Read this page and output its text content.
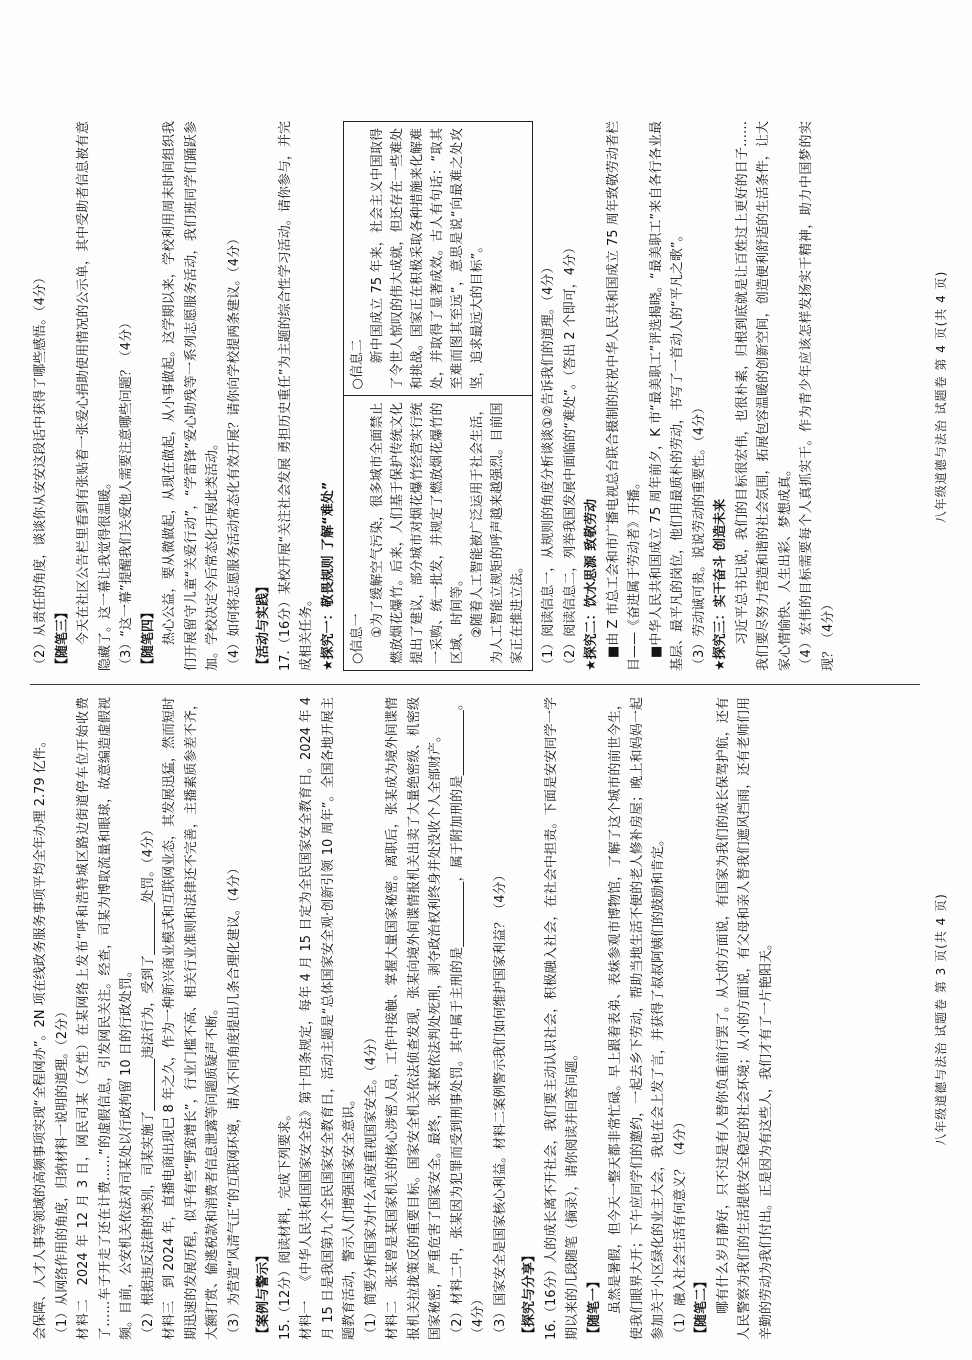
（2）从责任的角度，谈谈你从安安这段话中获得了哪些感悟。（4分） 【随笔三】 今天在社区公告栏里看到有张贴着一张爱心捐助使用情况的公示单，其中受助者信息被有意隐藏了。这一幕让我觉得很温暖。 （3）“这一幕”提醒我们关爱他人需要注意哪些问题？（4分） 【随笔四】 热心公益，要从微做起，从现在做起，从小事做起。这学期以来，学校利用周末时间组织我们开展留守儿童“关爱行动”，“学雷锋”爱心助残等一系列志愿服务活动，我们班同学们踊跃参加。学校决定今后常态化开展此类活动。 （4）如何将志愿服务活动常态化有效开展？请你向学校提两条建议。（4分） 【活动与实践】 17.（16分）某校开展“关注社会发展 勇担历史重任”为主题的综合性学习活动。请你参与，并完成相关任务。 ★探究一：敬畏规则 了解“难处” ○信息一

①为了缓解空气污染，很多城市全面禁止燃放烟花爆竹。后来，人们基于保护传统文化提出了建议，部分城市对烟花爆竹经营实行统一采购、统一批发，并规定了燃放烟花爆竹的区域、时间等。 ②随着人工智能被广泛运用于社会生活，为人工智能立规矩的呼声越来越强烈。目前国家正在推进立法。

○信息二

新中国成立 75 年来，社会主义中国取得了令世人惊叹的伟大成就，但还存在一些难处和挑战。国家正在积极采取各种措施来化解难处，并取得了显著成效。古人有句话：“取其至难而图其至远”，意思是说“向最难之处攻坚，追求最远大的目标”。	（1）阅读信息一，从规则的角度分析谈谈①②告诉我们的道理。（4分） （2）阅读信息二，列举我国发展中面临的“难处”。（答出 2 个即可，4分） ★探究二：饮水思源 致敬劳动 ■由 Z 市总工会和市广播电视总台联合摄制的庆祝中华人民共和国成立 75 周年致敬劳动者栏目——《奋进属于劳动者》开播。 ■中华人民共和国成立 75 周年前夕，K 市“最美职工”评选揭晓。“最美职工”来自各行各业最基层、最平凡的岗位，他们用最质朴的劳动，书写了一首动人的“平凡之歌”。 （3）劳动诚可贵。说说劳动的重要性。（4分） ★探究三：实干奋斗 创造未来 习近平总书记说，我们的目标很宏伟，也很朴素，归根到底就是让百姓过上更好的日子……我们要尽努力营造和谐的社会氛围，拓展包容温暖的创新空间，创造便利舒适的生活条件，让大家心情愉快、人生出彩、梦想成真。 （4）宏伟的目标需要每个人真抓实干。作为青少年应该怎样发扬实干精神，助力中国梦的实现？（4分）

八年级道德与法治 试题卷 第 4 页(共 4 页)

会保障、人才人事等领域的高频事项实现“全程网办”。2N 项在线政务服务事项平均全年办理 2.79 亿件。 （1）从网络作用的角度，归纳材料一说明的道理。（2分） 材料二2024 年 12 月 3 日，网民司某（女性）在某网络上发布“呼和浩特城区路边街道停车位开始收费了……车子开走了还在计费……”的虚假信息，引发网民关注。经查，司某为博取流量和眼球，故意编造虚假视频。目前，公安机关依法对司某处以行政拘留 10 日的行政处罚。 （2）根据违反法律的类别，司某实施了________违法行为，受到了________处罚。（4分） 材料三到 2024 年，直播电商出现已 8 年之久，作为一种新兴商业模式和互联网业态，其发展迅猛，然而短时期迅速的发展历程，似乎有些“野蛮增长”，行业门槛不高、相关行业准则和法律还不完善，主播素质参差不齐，大额打赏、偷逃税款和消费者信息泄露等问题质疑声不断。 （3）为营造“风清气正”的互联网环境，请从不同角度提出几条合理化建议。（4分） 【案例与警示】 15.（12分）阅读材料，完成下列要求。 材料一《中华人民共和国国家安全法》第十四条规定，每年 4 月 15 日定为全民国家安全教育日。2024 年 4 月 15 日是我国第九个全民国家安全教育日，活动主题是“总体国家安全观·创新引领 10 周年”。全国各地开展主题教育活动，警示人们增强国家安全意识。 （1）简要分析国家为什么高度重视国家安全。（4分） 材料二张某曾是某国家机关的核心涉密人员，工作中接触、掌握大量国家秘密。离职后，张某成为境外间谍情报机关拉拢策反的重要目标。国家安全机关依法侦查发现，张某向境外间谍情报机关出卖了大量绝密级、机密级国家秘密，严重危害了国家安全。最终，张某被依法判处死刑，剥夺政治权利终身并处没收个人全部财产。 （2）材料二中，张某因为犯罪而受到刑事处罚。其中属于主刑的是__________，属于附加刑的是__________。（4分） （3）国家安全是国家核心利益。材料二案例警示我们如何维护国家利益？（4分） 【探究与分享】 16.（16分）人的成长离不开社会，我们要主动认识社会，积极融入社会，在社会中担责。下面是安安同学一学期以来的几段随笔（摘录），请你阅读并回答问题。 【随笔一】 虽然是暑假，但今天一整天都非常忙碌。早上跟着表弟、表妹参观市博物馆，了解了这个城市的前世今生，使我们眼界大开；下午应同学们的邀约，一起去乡下劳动，帮助当地生活不便的老人修补房屋；晚上和妈妈一起参加关于小区绿化的业主大会，我也在会上发了言，并获得了叔叔阿姨们的鼓励和肯定。 （1）融入社会生活有何意义？（4分） 【随笔二】 哪有什么岁月静好，只不过是有人替你负重前行罢了。从大的方面说，有国家为我们的成长保驾护航，还有人民警察为我们的生活提供安全稳定的社会环境；从小的方面说，有父母和亲人替我们遮风挡雨，还有老师们用辛勤的劳动为我们付出。正是因为有这些人，我们才有了一片艳阳天。	八年级道德与法治 试题卷 第 3 页(共 4 页)
